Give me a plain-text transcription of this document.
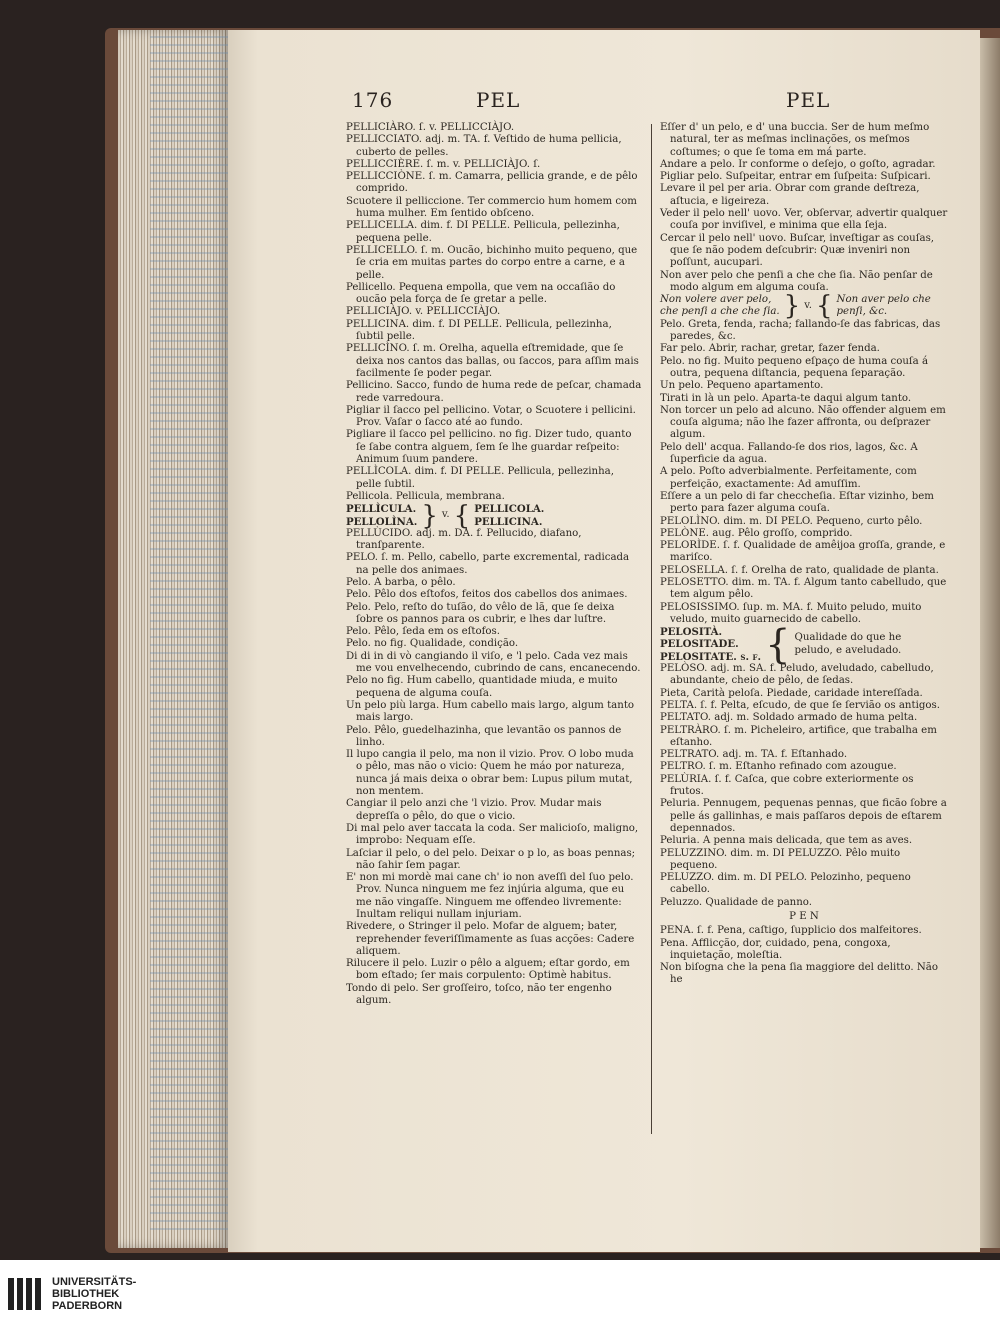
176	PEL	PEL

PELLICIÀRO. ſ. v. PELLICCIÀJO.

PELLICCIATO. adj. m. TA. f. Veſtido de huma pellicia, cuberto de pelles.

PELLICCIÈRE. ſ. m. v. PELLICIÀJO. ſ.

PELLICCIÒNE. ſ. m. Camarra, pellicia grande, e de pêlo comprido.

Scuotere il pelliccione. Ter commercio hum homem com huma mulher. Em ſentido obſceno.

PELLICELLA. dim. f. DI PELLE. Pellicula, pellezinha, pequena pelle.

PELLICELLO. ſ. m. Oucão, bichinho muito pequeno, que ſe cria em muitas partes do corpo entre a carne, e a pelle.

Pellicello. Pequena empolla, que vem na occaſião do oucão pela força de ſe gretar a pelle.

PELLICIÀJO. v. PELLICCIÀJO.

PELLICINA. dim. f. DI PELLE. Pellicula, pellezinha, ſubtil pelle.

PELLICÌNO. ſ. m. Orelha, aquella eſtremidade, que ſe deixa nos cantos das ballas, ou ſaccos, para aſſim mais facilmente ſe poder pegar.

Pellicino. Sacco, fundo de huma rede de peſcar, chamada rede varredoura.

Pigliar il ſacco pel pellicino. Votar, o Scuotere i pellicini. Prov. Vaſar o ſacco até ao fundo.

Pigliare il ſacco pel pellicino. no fig. Dizer tudo, quanto ſe ſabe contra alguem, ſem ſe lhe guardar reſpeito: Animum ſuum pandere.

PELLÌCOLA. dim. f. DI PELLE. Pellicula, pellezinha, pelle ſubtil.

Pellicola. Pellicula, membrana.

PELLÌCULA.
PELLOLÌNA. } v. { PELLICOLA.
PELLICINA.

PELLÙCIDO. adj. m. DA. f. Pellucido, diafano, tranſparente.

PELO. ſ. m. Pello, cabello, parte excremental, radicada na pelle dos animaes.

Pelo. A barba, o pêlo.

Pelo. Pêlo dos eſtofos, feitos dos cabellos dos animaes.

Pelo. Pelo, reſto do tuſão, do vêlo de lã, que ſe deixa ſobre os pannos para os cubrir, e lhes dar luſtre.

Pelo. Pêlo, ſeda em os eſtofos.

Pelo. no fig. Qualidade, condição.

Di di in di vò cangiando il viſo, e 'l pelo. Cada vez mais me vou envelhecendo, cubrindo de cans, encanecendo.

Pelo no fig. Hum cabello, quantidade miuda, e muito pequena de alguma couſa.

Un pelo più larga. Hum cabello mais largo, algum tanto mais largo.

Pelo. Pêlo, guedelhazinha, que levantão os pannos de linho.

Il lupo cangia il pelo, ma non il vizio. Prov. O lobo muda o pêlo, mas não o vicio: Quem he máo por natureza, nunca já mais deixa o obrar bem: Lupus pilum mutat, non mentem.

Cangiar il pelo anzi che 'l vizio. Prov. Mudar mais depreſſa o pêlo, do que o vicio.

Di mal pelo aver taccata la coda. Ser malicioſo, maligno, improbo: Nequam eſſe.

Laſciar il pelo, o del pelo. Deixar o p lo, as boas pennas; não ſahir ſem pagar.

E' non mi mordè mai cane ch' io non aveſſi del ſuo pelo. Prov. Nunca ninguem me fez injúria alguma, que eu me não vingaſſe. Ninguem me offendeo livremente: Inultam reliqui nullam injuriam.

Rivedere, o Stringer il pelo. Mofar de alguem; bater, reprehender feveriſſimamente as ſuas acções: Cadere aliquem.

Rilucere il pelo. Luzir o pêlo a alguem; eſtar gordo, em bom eſtado; ſer mais corpulento: Optimè habitus.

Tondo di pelo. Ser groſſeiro, toſco, não ter engenho algum.

Eſſer d' un pelo, e d' una buccia. Ser de hum meſmo natural, ter as meſmas inclinações, os meſmos coſtumes; o que ſe toma em má parte.

Andare a pelo. Ir conforme o deſejo, o goſto, agradar.

Pigliar pelo. Suſpeitar, entrar em ſuſpeita: Suſpicari.

Levare il pel per aria. Obrar com grande deſtreza, aſtucia, e ligeireza.

Veder il pelo nell' uovo. Ver, obſervar, advertir qualquer couſa por inviſivel, e minima que ella ſeja.

Cercar il pelo nell' uovo. Buſcar, inveſtigar as couſas, que ſe não podem deſcubrir: Quæ inveniri non poſſunt, aucupari.

Non aver pelo che penſi a che che ſia. Não penſar de modo algum em alguma couſa.

Non volere aver pelo,
che penſi a che che ſia. } v. { Non aver pelo che
penſi, &c.

Pelo. Greta, fenda, racha; fallando-ſe das fabricas, das paredes, &c.

Far pelo. Abrir, rachar, gretar, fazer fenda.

Pelo. no fig. Muito pequeno eſpaço de huma couſa á outra, pequena diſtancia, pequena ſeparação.

Un pelo. Pequeno apartamento.

Tirati in là un pelo. Aparta-te daqui algum tanto.

Non torcer un pelo ad alcuno. Não offender alguem em couſa alguma; não lhe fazer affronta, ou deſprazer algum.

Pelo dell' acqua. Fallando-ſe dos rios, lagos, &c. A ſuperficie da agua.

A pelo. Poſto adverbialmente. Perfeitamente, com perfeição, exactamente: Ad amuſſim.

Eſſere a un pelo di far checcheſia. Eſtar vizinho, bem perto para fazer alguma couſa.

PELOLÌNO. dim. m. DI PELO. Pequeno, curto pêlo.

PELÒNE. aug. Pêlo groſſo, comprido.

PELORÌDE. ſ. f. Qualidade de amêijoa groſſa, grande, e mariſco.

PELOSELLA. ſ. f. Orelha de rato, qualidade de planta.

PELOSETTO. dim. m. TA. f. Algum tanto cabelludo, que tem algum pêlo.

PELOSISSIMO. ſup. m. MA. f. Muito peludo, muito veludo, muito guarnecido de cabello.

PELOSITÀ.
PELOSITADE.
PELOSITATE. ſ. f. { Qualidade do que he peludo, e aveludado.

PELÒSO. adj. m. SA. f. Peludo, aveludado, cabelludo, abundante, cheio de pêlo, de ſedas.

Pieta, Carità peloſa. Piedade, caridade intereſſada.

PELTA. ſ. f. Pelta, eſcudo, de que ſe ſervião os antigos.

PELTATO. adj. m. Soldado armado de huma pelta.

PELTRÀRO. ſ. m. Picheleiro, artifice, que trabalha em eſtanho.

PELTRATO. adj. m. TA. f. Eſtanhado.

PELTRO. ſ. m. Eſtanho refinado com azougue.

PELÙRIA. ſ. f. Caſca, que cobre exteriormente os frutos.

Peluria. Pennugem, pequenas pennas, que ficão ſobre a pelle ás gallinhas, e mais paſſaros depois de eſtarem depennados.

Peluria. A penna mais delicada, que tem as aves.

PELUZZINO. dim. m. DI PELUZZO. Pêlo muito pequeno.

PELUZZO. dim. m. DI PELO. Pelozinho, pequeno cabello.

Peluzzo. Qualidade de panno.

P E N

PENA. ſ. f. Pena, caſtigo, ſupplicio dos malfeitores.

Pena. Afflicção, dor, cuidado, pena, congoxa, inquietação, moleſtia.

Non biſogna che la pena ſia maggiore del delitto. Não he

UNIVERSITÄTS-
BIBLIOTHEK
PADERBORN
